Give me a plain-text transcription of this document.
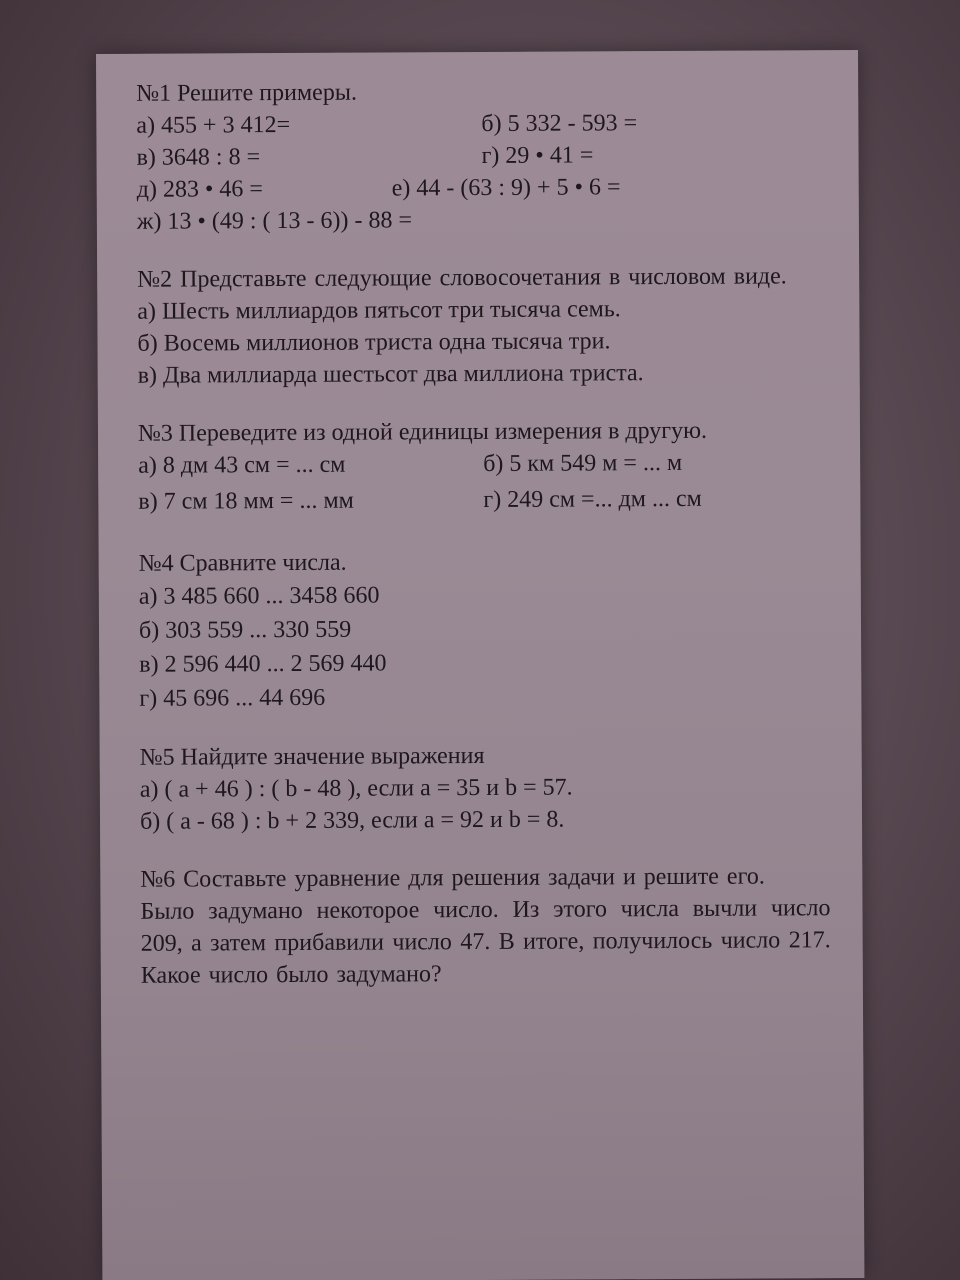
№1 Решите примеры.
а) 455 + 3 412=	б) 5 332 - 593 =
в) 3648 : 8 =	г) 29 • 41 =
д) 283 • 46 =	е) 44 - (63 : 9) + 5 • 6 =
ж) 13 • (49 : ( 13 - 6)) - 88 =
№2 Представьте следующие словосочетания в числовом виде.
а) Шесть миллиардов пятьсот три тысяча семь.
б) Восемь миллионов триста одна тысяча три.
в) Два миллиарда шестьсот два миллиона триста.
№3 Переведите из одной единицы измерения в другую.
а) 8 дм 43 см = ... см	б) 5 км 549 м = ... м
в) 7 см 18 мм = ... мм	г) 249 см =... дм ... см
№4 Сравните числа.
а) 3 485 660 ... 3458 660
б) 303 559 ... 330 559
в) 2 596 440 ... 2 569 440
г) 45 696 ... 44 696
№5 Найдите значение выражения
а) ( a + 46 ) : ( b - 48 ), если а = 35 и b = 57.
б) ( a - 68 ) : b + 2 339, если а = 92 и b = 8.
№6 Составьте уравнение для решения задачи и решите его.
Было задумано некоторое число. Из этого числа вычли число 209, а затем прибавили число 47. В итоге, получилось число 217. Какое число было задумано?
